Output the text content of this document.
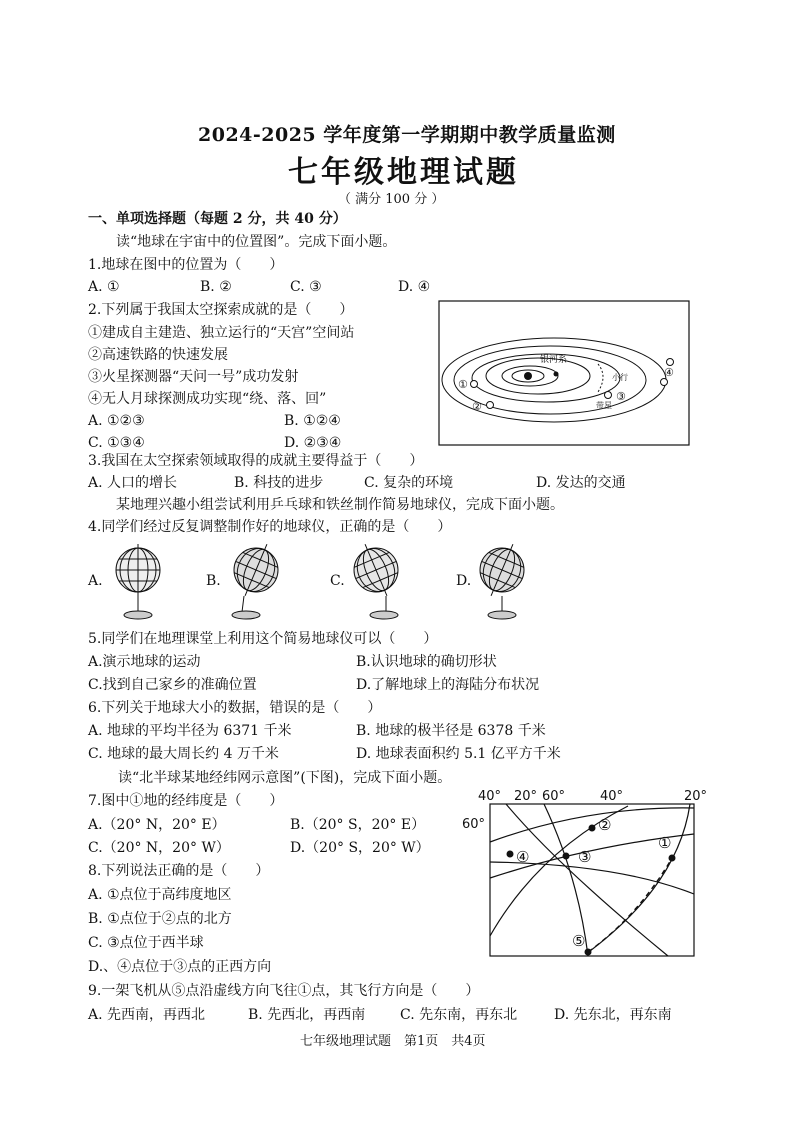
2024-2025 学年度第一学期期中教学质量监测
七年级地理试题
（ 满分 100 分 ）
一、单项选择题（每题 2 分，共 40 分）
读“地球在宇宙中的位置图”。完成下面小题。
1.地球在图中的位置为（　　）
A. ①	B. ②	C. ③	D. ④
2.下列属于我国太空探索成就的是（　　）
①建成自主建造、独立运行的“天宫”空间站
②高速铁路的快速发展
③火星探测器“天问一号”成功发射
④无人月球探测成功实现“绕、落、回”
A. ①②③	B. ①②④
C. ①③④	D. ②③④
银河系
小行
带星
①
②
③
④
3.我国在太空探索领域取得的成就主要得益于（　　）
A. 人口的增长	B. 科技的进步	C. 复杂的环境	D. 发达的交通
某地理兴趣小组尝试利用乒乓球和铁丝制作简易地球仪，完成下面小题。
4.同学们经过反复调整制作好的地球仪，正确的是（　　）
A.	B.	C.	D.
5.同学们在地理课堂上利用这个简易地球仪可以（　　）
A.演示地球的运动	B.认识地球的确切形状
C.找到自己家乡的准确位置	D.了解地球上的海陆分布状况
6.下列关于地球大小的数据，错误的是（　　）
A. 地球的平均半径为 6371 千米	B. 地球的极半径是 6378 千米
C. 地球的最大周长约 4 万千米	D. 地球表面积约 5.1 亿平方千米
读“北半球某地经纬网示意图”(下图)，完成下面小题。
7.图中①地的经纬度是（　　）
A.（20° N，20° E）	B.（20° S，20° E）
C.（20° N，20° W）	D.（20° S，20° W）
8.下列说法正确的是（　　）
A. ①点位于高纬度地区
B. ①点位于②点的北方
C. ③点位于西半球
D.、④点位于③点的正西方向
①
②
③
④
⑤
40° 20° 60°	40°	20°
60°
9.一架飞机从⑤点沿虚线方向飞往①点，其飞行方向是（　　）
A. 先西南，再西北	B. 先西北，再西南 C. 先东南，再东北	D. 先东北，再东南
七年级地理试题　第1页　共4页
